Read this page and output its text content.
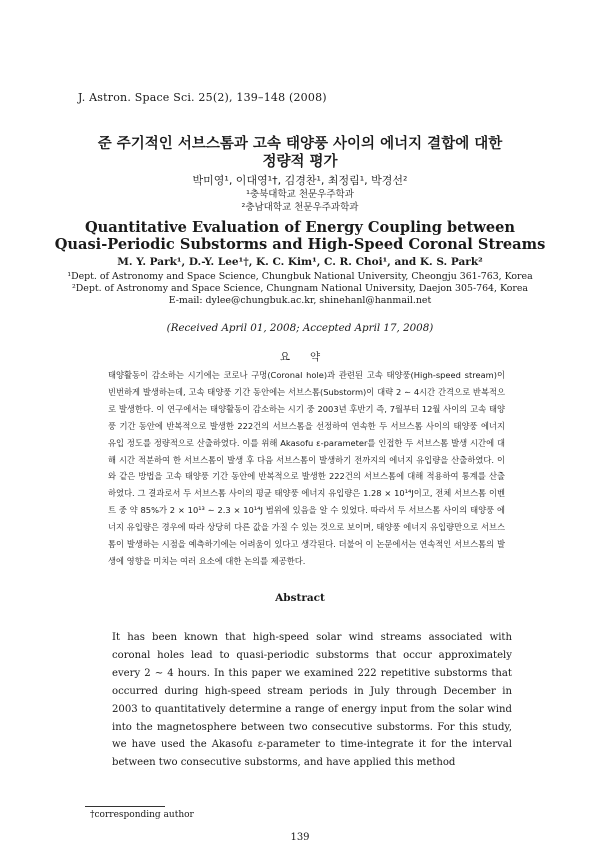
J. Astron. Space Sci. 25(2), 139–148 (2008)
준 주기적인 서브스톰과 고속 태양풍 사이의 에너지 결합에 대한
정량적 평가
박미영¹, 이대영¹†, 김경찬¹, 최정림¹, 박경선²
¹충북대학교 천문우주학과
²충남대학교 천문우주과학과
Quantitative Evaluation of Energy Coupling between
Quasi-Periodic Substorms and High-Speed Coronal Streams
M. Y. Park¹, D.-Y. Lee¹†, K. C. Kim¹, C. R. Choi¹, and K. S. Park²
¹Dept. of Astronomy and Space Science, Chungbuk National University, Cheongju 361-763, Korea
²Dept. of Astronomy and Space Science, Chungnam National University, Daejon 305-764, Korea
E-mail: dylee@chungbuk.ac.kr, shinehanl@hanmail.net
(Received April 01, 2008; Accepted April 17, 2008)
요약

태양활동이 감소하는 시기에는 코로나 구멍(Coronal hole)과 관련된 고속 태양풍(High-speed stream)이 빈번하게 발생하는데, 고속 태양풍 기간 동안에는 서브스톰(Substorm)이 대략 2 ∼ 4시간 간격으로 반복적으로 발생한다. 이 연구에서는 태양활동이 감소하는 시기 중 2003년 후반기 즉, 7월부터 12월 사이의 고속 태양풍 기간 동안에 반복적으로 발생한 222건의 서브스톰을 선정하여 연속한 두 서브스톰 사이의 태양풍 에너지 유입 정도를 정량적으로 산출하였다. 이를 위해 Akasofu ε-parameter를 인접한 두 서브스톰 발생 시간에 대해 시간 적분하여 한 서브스톰이 발생 후 다음 서브스톰이 발생하기 전까지의 에너지 유입량을 산출하였다. 이와 같은 방법을 고속 태양풍 기간 동안에 반복적으로 발생한 222건의 서브스톰에 대해 적용하여 통계를 산출하였다. 그 결과로서 두 서브스톰 사이의 평균 태양풍 에너지 유입량은 1.28 × 10¹⁴J이고, 전체 서브스톰 이벤트 중 약 85%가 2 × 10¹³ ∼ 2.3 × 10¹⁴J 범위에 있음을 알 수 있었다. 따라서 두 서브스톰 사이의 태양풍 에너지 유입량은 경우에 따라 상당히 다른 값을 가질 수 있는 것으로 보이며, 태양풍 에너지 유입량만으로 서브스톰이 발생하는 시점을 예측하기에는 어려움이 있다고 생각된다. 더불어 이 논문에서는 연속적인 서브스톰의 발생에 영향을 미치는 여러 요소에 대한 논의를 제공한다.

Abstract

It has been known that high-speed solar wind streams associated with coronal holes lead to quasi-periodic substorms that occur approximately every 2 ∼ 4 hours. In this paper we examined 222 repetitive substorms that occurred during high-speed stream periods in July through December in 2003 to quantitatively determine a range of energy input from the solar wind into the magnetosphere between two consecutive substorms. For this study, we have used the Akasofu ε-parameter to time-integrate it for the interval between two consecutive substorms, and have applied this method

†corresponding author
139
